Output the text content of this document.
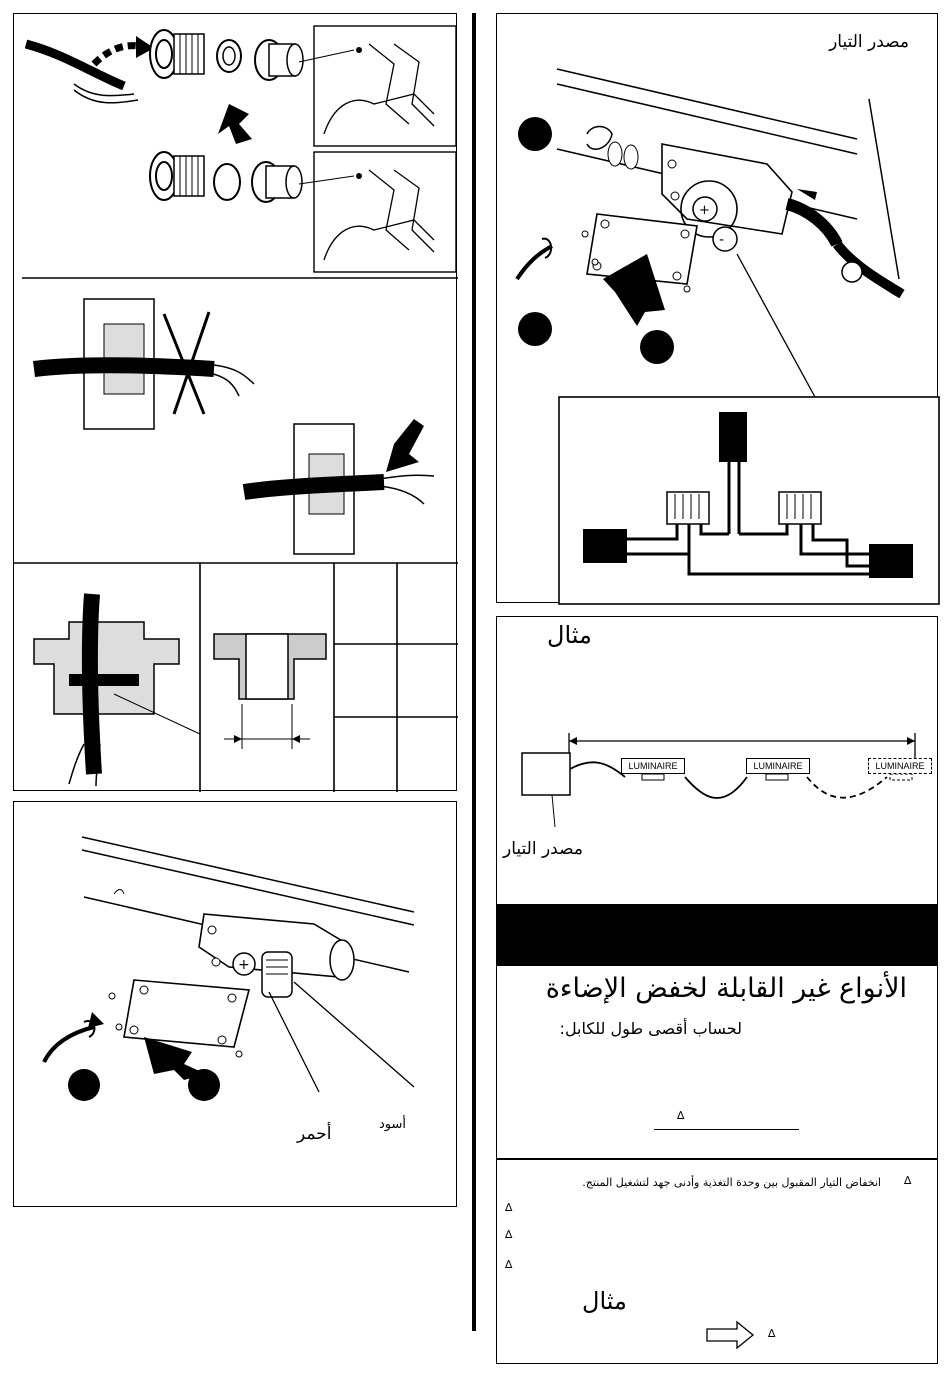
+
أسود
أحمر
مصدر التيار
+
-
مثال
LUMINAIRE	LUMINAIRE	LUMINAIRE
مصدر التيار
الأنواع غير القابلة لخفض الإضاءة
لحساب أقصى طول للكابل:
∆
∆
انخفاض التيار المقبول بين وحدة التغذية وأدنى جهد لتشغيل المنتج.
∆
∆
∆
مثال
∆
